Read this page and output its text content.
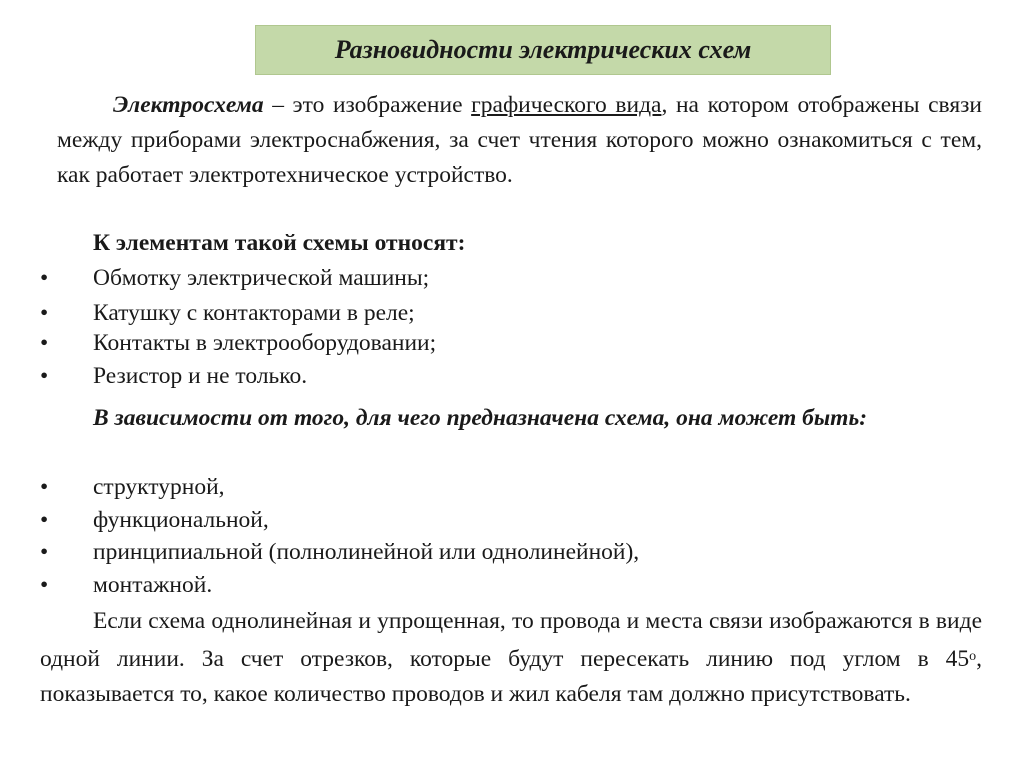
Разновидности электрических схем

Электросхема – это изображение графического вида, на котором отображены связи между приборами электроснабжения, за счет чтения которого можно ознакомиться с тем, как работает электротехническое устройство.

К элементам такой схемы относят:

• Обмотку электрической машины;
• Катушку с контакторами в реле;
• Контакты в электрооборудовании;
• Резистор и не только.

В зависимости от того, для чего предназначена схема, она может быть:

• структурной,
• функциональной,
• принципиальной (полнолинейной или однолинейной),
• монтажной.

Если схема однолинейная и упрощенная, то провода и места связи изображаются в виде одной линии. За счет отрезков, которые будут пересекать линию под углом в $45^о$, показывается то, какое количество проводов и жил кабеля там должно присутствовать.
